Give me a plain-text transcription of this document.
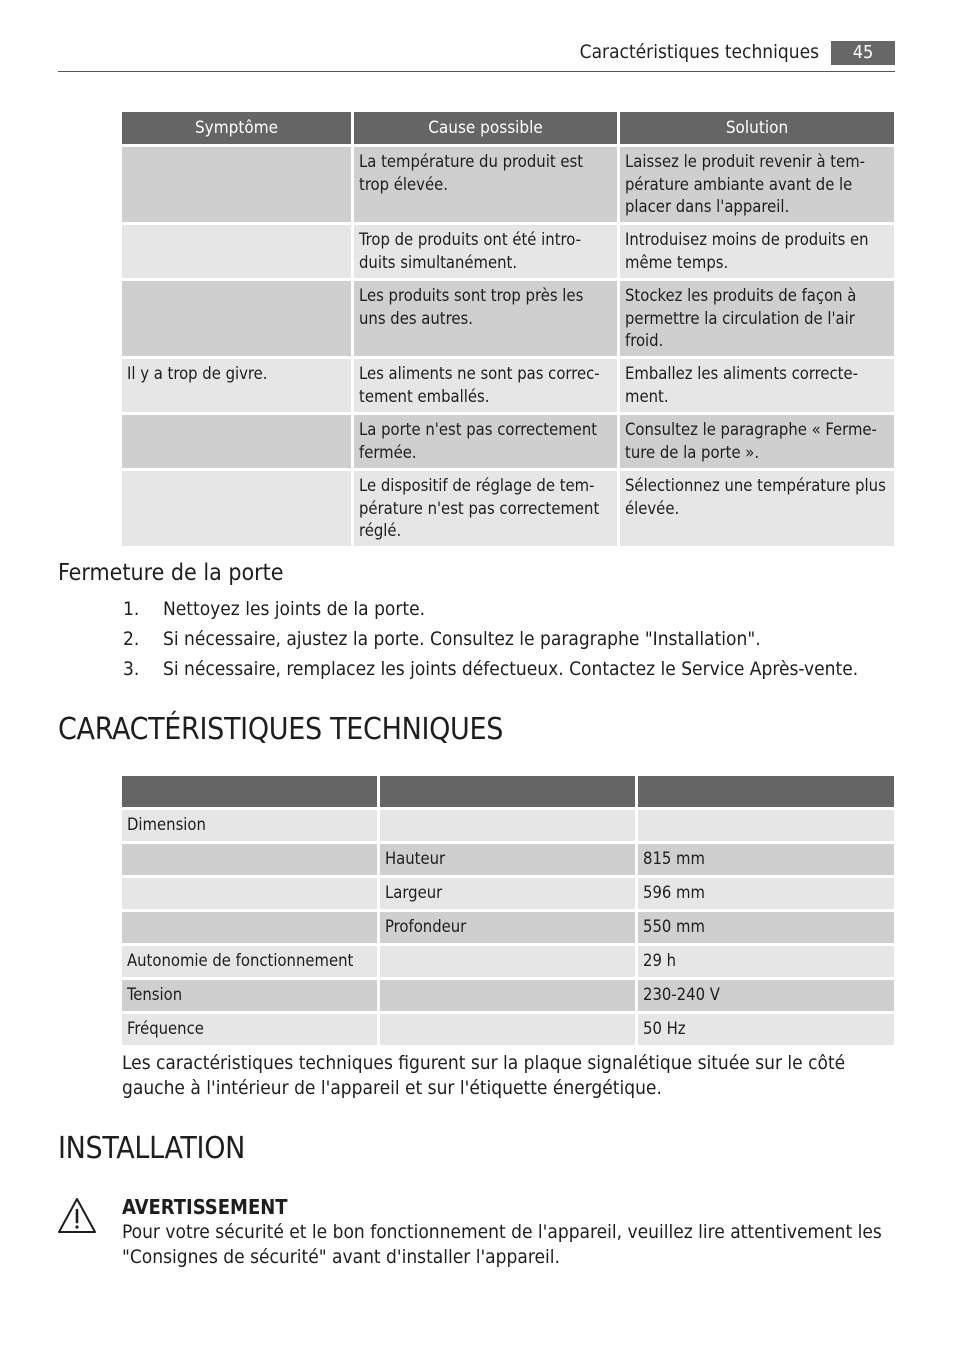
Caractéristiques techniques	45
Symptôme	Cause possible	Solution
	La température du produit est trop élevée.	Laissez le produit revenir à tem-pérature ambiante avant de le placer dans l'appareil.
	Trop de produits ont été intro-duits simultanément.	Introduisez moins de produits en même temps.
	Les produits sont trop près les uns des autres.	Stockez les produits de façon à permettre la circulation de l'air froid.
Il y a trop de givre.	Les aliments ne sont pas correc-tement emballés.	Emballez les aliments correcte-ment.
	La porte n'est pas correctement fermée.	Consultez le paragraphe « Ferme-ture de la porte ».
	Le dispositif de réglage de tem-pérature n'est pas correctement réglé.	Sélectionnez une température plus élevée.
Fermeture de la porte
1. Nettoyez les joints de la porte.
2. Si nécessaire, ajustez la porte. Consultez le paragraphe "Installation".
3. Si nécessaire, remplacez les joints défectueux. Contactez le Service Après-vente.
CARACTÉRISTIQUES TECHNIQUES

Dimension		
	Hauteur	815 mm
	Largeur	596 mm
	Profondeur	550 mm
Autonomie de fonctionnement		29 h
Tension		230-240 V
Fréquence		50 Hz
Les caractéristiques techniques figurent sur la plaque signalétique située sur le côté gauche à l'intérieur de l'appareil et sur l'étiquette énergétique.
INSTALLATION
AVERTISSEMENT
Pour votre sécurité et le bon fonctionnement de l'appareil, veuillez lire attentivement les "Consignes de sécurité" avant d'installer l'appareil.
